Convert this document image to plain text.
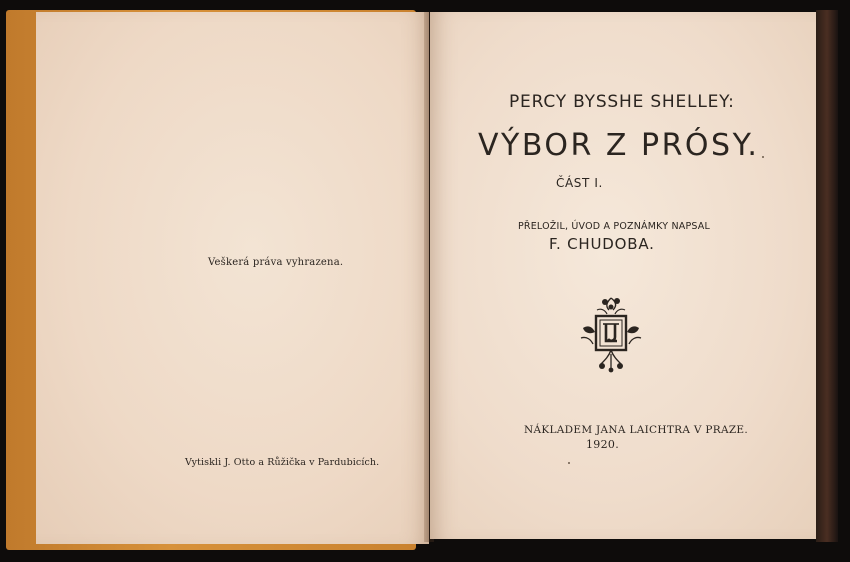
Veškerá práva vyhrazena.
Vytiskli J. Otto a Růžička v Pardubicích.
PERCY BYSSHE SHELLEY:
VÝBOR Z PRÓSY.
ČÁST I.
PŘELOŽIL, ÚVOD A POZNÁMKY NAPSAL
F. CHUDOBA.
NÁKLADEM JANA LAICHTRA V PRAZE.
1920.
